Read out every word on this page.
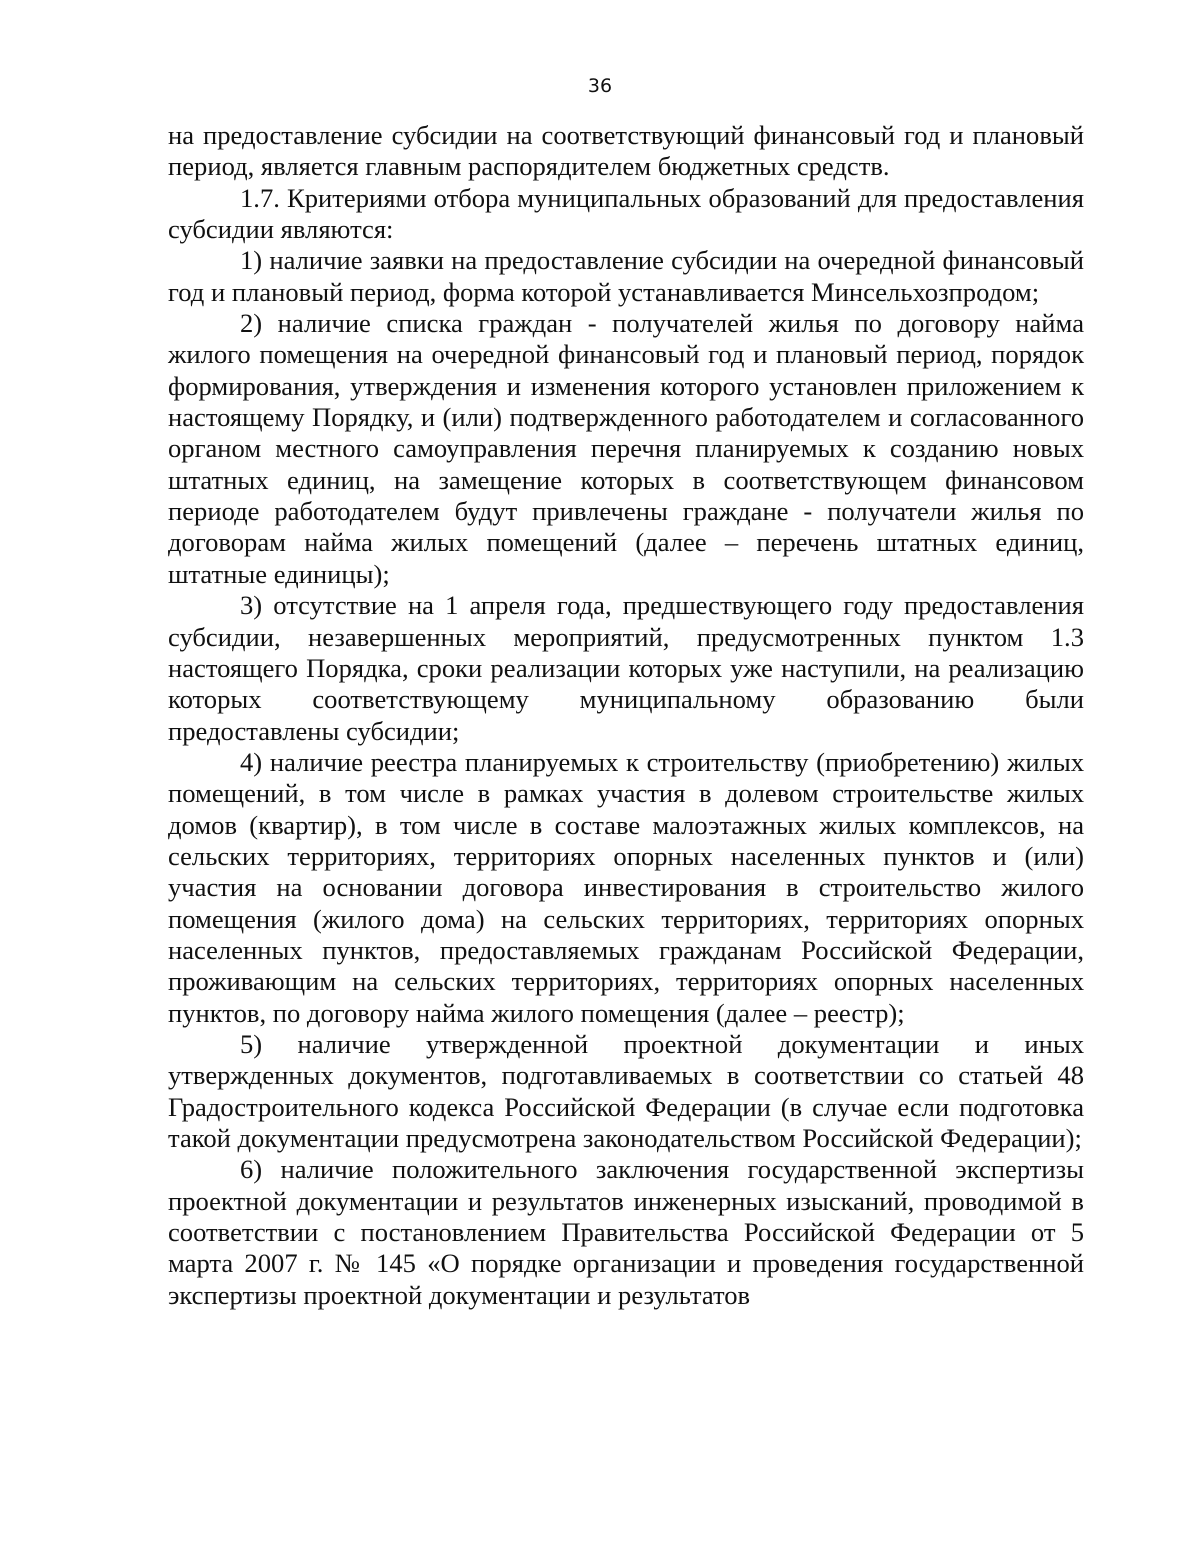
36

на предоставление субсидии на соответствующий финансовый год и плановый период, является главным распорядителем бюджетных средств.

1.7. Критериями отбора муниципальных образований для предоставления субсидии являются:

1) наличие заявки на предоставление субсидии на очередной финансовый год и плановый период, форма которой устанавливается Минсельхозпродом;

2) наличие списка граждан - получателей жилья по договору найма жилого помещения на очередной финансовый год и плановый период, порядок формирования, утверждения и изменения которого установлен приложением к настоящему Порядку, и (или) подтвержденного работодателем и согласованного органом местного самоуправления перечня планируемых к созданию новых штатных единиц, на замещение которых в соответствующем финансовом периоде работодателем будут привлечены граждане - получатели жилья по договорам найма жилых помещений (далее – перечень штатных единиц, штатные единицы);

3) отсутствие на 1 апреля года, предшествующего году предоставления субсидии, незавершенных мероприятий, предусмотренных пунктом 1.3 настоящего Порядка, сроки реализации которых уже наступили, на реализацию которых соответствующему муниципальному образованию были предоставлены субсидии;

4) наличие реестра планируемых к строительству (приобретению) жилых помещений, в том числе в рамках участия в долевом строительстве жилых домов (квартир), в том числе в составе малоэтажных жилых комплексов, на сельских территориях, территориях опорных населенных пунктов и (или) участия на основании договора инвестирования в строительство жилого помещения (жилого дома) на сельских территориях, территориях опорных населенных пунктов, предоставляемых гражданам Российской Федерации, проживающим на сельских территориях, территориях опорных населенных пунктов, по договору найма жилого помещения (далее – реестр);

5) наличие утвержденной проектной документации и иных утвержденных документов, подготавливаемых в соответствии со статьей 48 Градостроительного кодекса Российской Федерации (в случае если подготовка такой документации предусмотрена законодательством Российской Федерации);

6) наличие положительного заключения государственной экспертизы проектной документации и результатов инженерных изысканий, проводимой в соответствии с постановлением Правительства Российской Федерации от 5 марта 2007 г. № 145 «О порядке организации и проведения государственной экспертизы проектной документации и результатов
